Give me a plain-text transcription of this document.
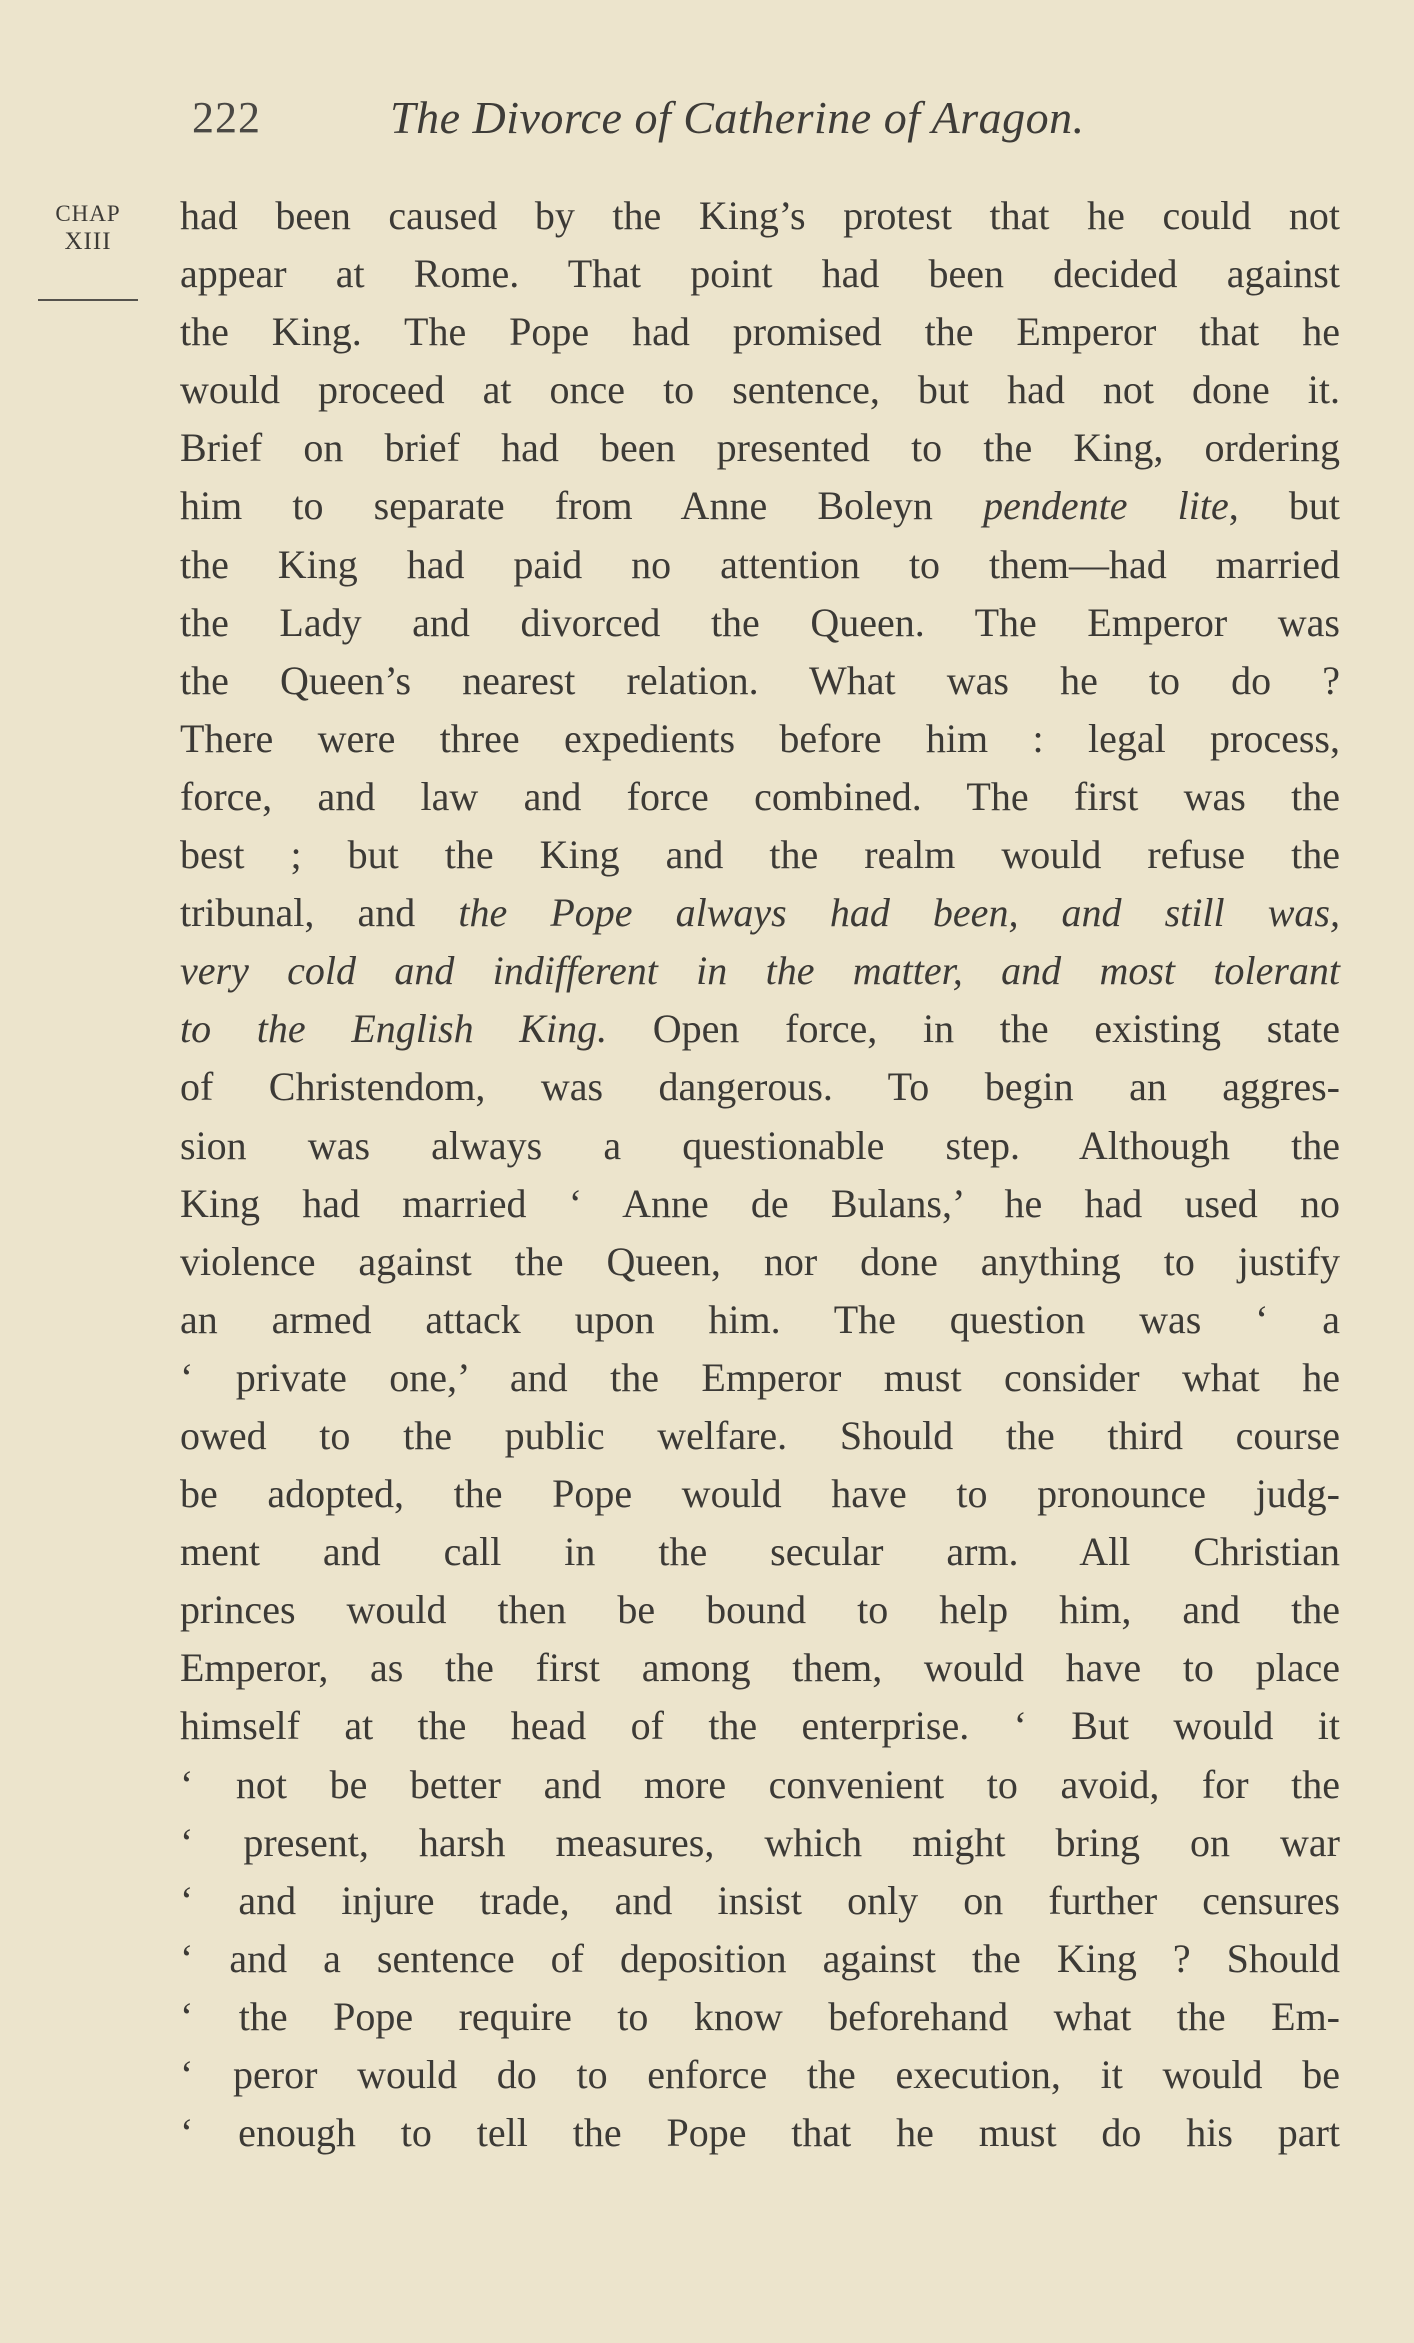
222	The Divorce of Catherine of Aragon.
CHAP
XIII
had been caused by the King’s protest that he could not
appear at Rome. That point had been decided against
the King. The Pope had promised the Emperor that he
would proceed at once to sentence, but had not done it.
Brief on brief had been presented to the King, ordering
him to separate from Anne Boleyn pendente lite, but
the King had paid no attention to them—had married
the Lady and divorced the Queen. The Emperor was
the Queen’s nearest relation. What was he to do ?
There were three expedients before him : legal process,
force, and law and force combined. The first was the
best ; but the King and the realm would refuse the
tribunal, and the Pope always had been, and still was,
very cold and indifferent in the matter, and most tolerant
to the English King. Open force, in the existing state
of Christendom, was dangerous. To begin an aggres-
sion was always a questionable step. Although the
King had married ‘ Anne de Bulans,’ he had used no
violence against the Queen, nor done anything to justify
an armed attack upon him. The question was ‘ a
‘ private one,’ and the Emperor must consider what he
owed to the public welfare. Should the third course
be adopted, the Pope would have to pronounce judg-
ment and call in the secular arm. All Christian
princes would then be bound to help him, and the
Emperor, as the first among them, would have to place
himself at the head of the enterprise. ‘ But would it
‘ not be better and more convenient to avoid, for the
‘ present, harsh measures, which might bring on war
‘ and injure trade, and insist only on further censures
‘ and a sentence of deposition against the King ? Should
‘ the Pope require to know beforehand what the Em-
‘ peror would do to enforce the execution, it would be
‘ enough to tell the Pope that he must do his part
